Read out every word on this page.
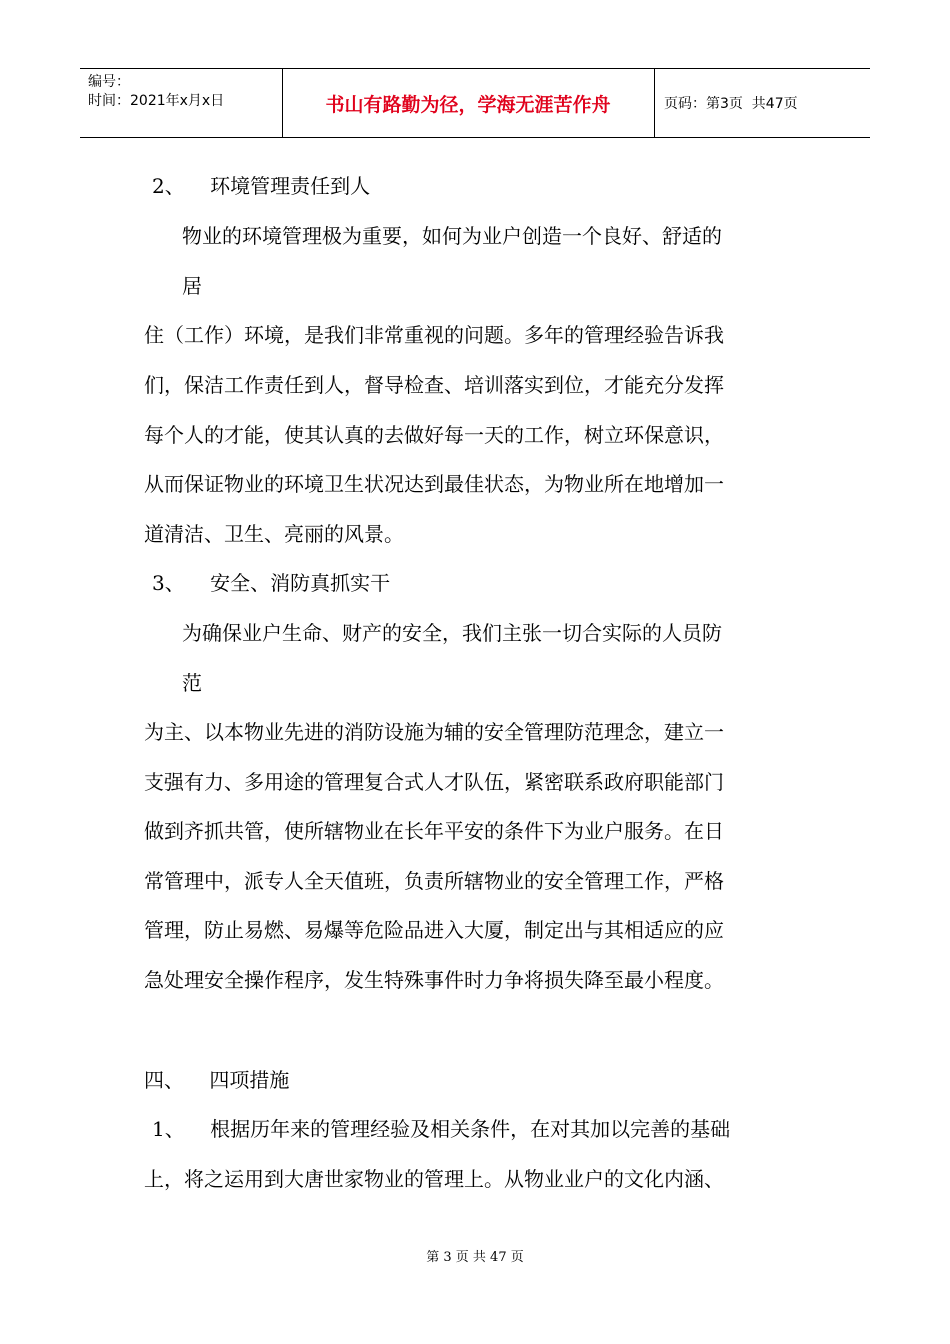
编号：
时间：2021年x月x日	书山有路勤为径，学海无涯苦作舟	页码：第3页  共47页
2、    环境管理责任到人
物业的环境管理极为重要，如何为业户创造一个良好、舒适的
居
住（工作）环境，是我们非常重视的问题。多年的管理经验告诉我
们，保洁工作责任到人，督导检查、培训落实到位，才能充分发挥
每个人的才能，使其认真的去做好每一天的工作，树立环保意识，
从而保证物业的环境卫生状况达到最佳状态，为物业所在地增加一
道清洁、卫生、亮丽的风景。
3、    安全、消防真抓实干
为确保业户生命、财产的安全，我们主张一切合实际的人员防
范
为主、以本物业先进的消防设施为辅的安全管理防范理念，建立一
支强有力、多用途的管理复合式人才队伍，紧密联系政府职能部门
做到齐抓共管，使所辖物业在长年平安的条件下为业户服务。在日
常管理中，派专人全天值班，负责所辖物业的安全管理工作，严格
管理，防止易燃、易爆等危险品进入大厦，制定出与其相适应的应
急处理安全操作程序，发生特殊事件时力争将损失降至最小程度。
四、    四项措施
1、    根据历年来的管理经验及相关条件，在对其加以完善的基础
上，将之运用到大唐世家物业的管理上。从物业业户的文化内涵、
第 3 页 共 47 页
